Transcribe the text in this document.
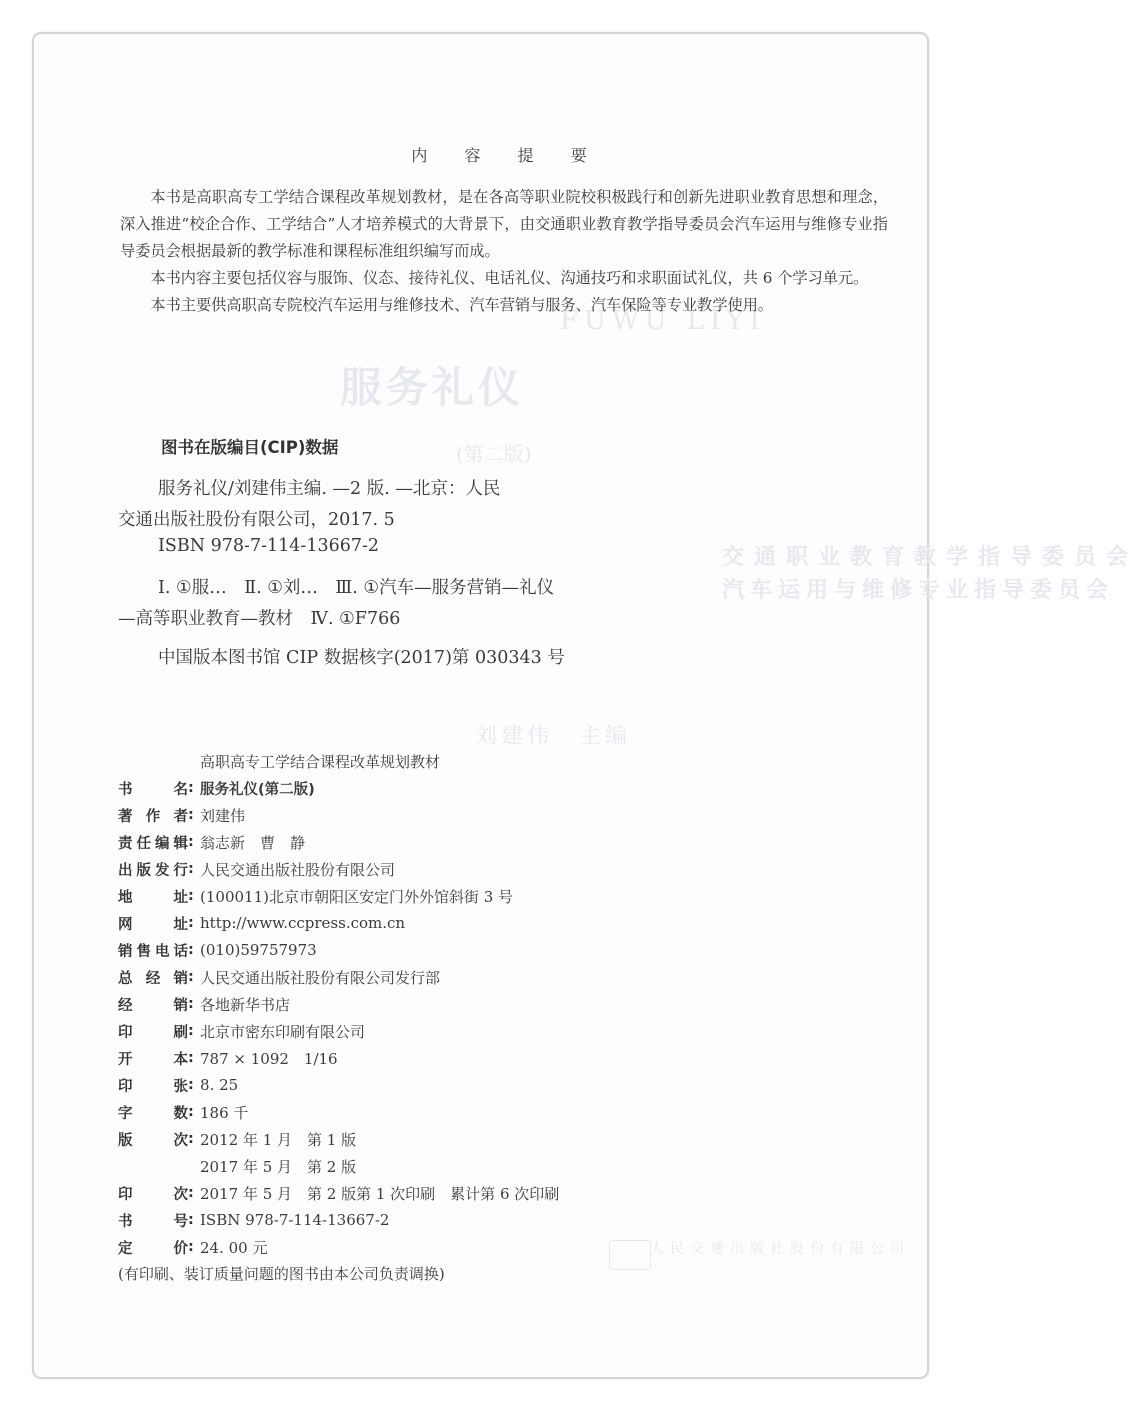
FUWU LIYI
服务礼仪
(第二版)
交通职业教育教学指导委员会
汽车运用与维修专业指导委员会
刘建伟　主编
人民交通出版社股份有限公司
内 容 提 要

本书是高职高专工学结合课程改革规划教材，是在各高等职业院校积极践行和创新先进职业教育思想和理念，深入推进“校企合作、工学结合”人才培养模式的大背景下，由交通职业教育教学指导委员会汽车运用与维修专业指导委员会根据最新的教学标准和课程标准组织编写而成。

本书内容主要包括仪容与服饰、仪态、接待礼仪、电话礼仪、沟通技巧和求职面试礼仪，共 6 个学习单元。

本书主要供高职高专院校汽车运用与维修技术、汽车营销与服务、汽车保险等专业教学使用。

图书在版编目(CIP)数据
服务礼仪/刘建伟主编. —2 版. —北京：人民
交通出版社股份有限公司，2017. 5
ISBN 978-7-114-13667-2
Ⅰ. ①服…　Ⅱ. ①刘…　Ⅲ. ①汽车—服务营销—礼仪
—高等职业教育—教材　Ⅳ. ①F766
中国版本图书馆 CIP 数据核字(2017)第 030343 号
高职高专工学结合课程改革规划教材
书名 : 服务礼仪(第二版)
著作者 : 刘建伟
责任编辑 : 翁志新　曹　静
出版发行 : 人民交通出版社股份有限公司
地址 : (100011)北京市朝阳区安定门外外馆斜街 3 号
网址 : http://www.ccpress.com.cn
销售电话 : (010)59757973
总经销 : 人民交通出版社股份有限公司发行部
经销 : 各地新华书店
印刷 : 北京市密东印刷有限公司
开本 : 787 × 1092　1/16
印张 : 8. 25
字数 : 186 千
版次 : 2012 年 1 月　第 1 版
2017 年 5 月　第 2 版
印次 : 2017 年 5 月　第 2 版第 1 次印刷　累计第 6 次印刷
书号 : ISBN 978-7-114-13667-2
定价 : 24. 00 元
(有印刷、装订质量问题的图书由本公司负责调换)
